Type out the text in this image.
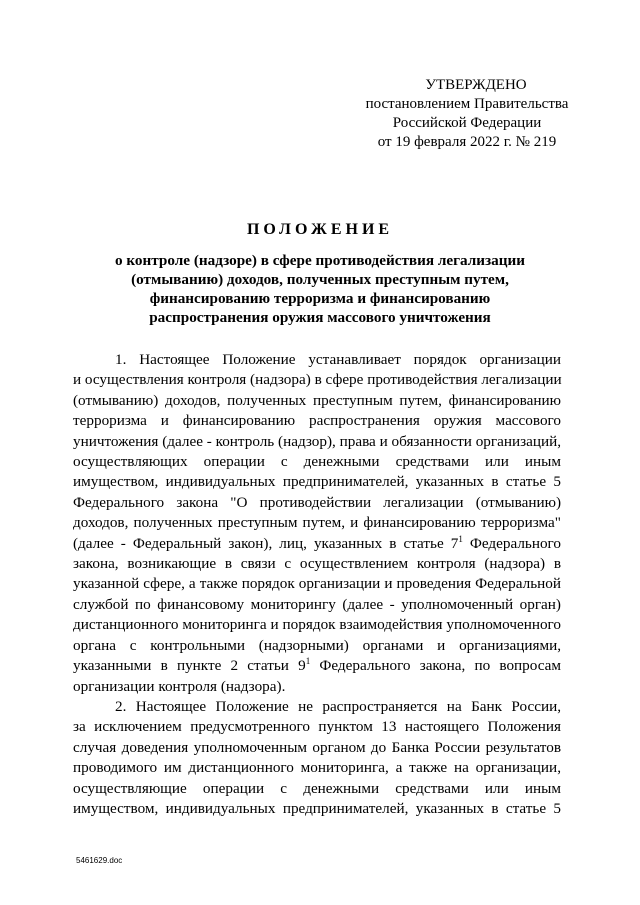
УТВЕРЖДЕНО
постановлением Правительства
Российской Федерации
от 19 февраля 2022 г. № 219
ПОЛОЖЕНИЕ
о контроле (надзоре) в сфере противодействия легализации
(отмыванию) доходов, полученных преступным путем,
финансированию терроризма и финансированию
распространения оружия массового уничтожения
1. Настоящее Положение устанавливает порядок организации
и осуществления контроля (надзора) в сфере противодействия легализации
(отмыванию) доходов, полученных преступным путем, финансированию
терроризма и финансированию распространения оружия массового
уничтожения (далее - контроль (надзор), права и обязанности организаций,
осуществляющих операции с денежными средствами или иным
имуществом, индивидуальных предпринимателей, указанных в статье 5
Федерального закона "О противодействии легализации (отмыванию)
доходов, полученных преступным путем, и финансированию терроризма"
(далее - Федеральный закон), лиц, указанных в статье $7^1$ Федерального
закона, возникающие в связи с осуществлением контроля (надзора) в
указанной сфере, а также порядок организации и проведения Федеральной
службой по финансовому мониторингу (далее - уполномоченный орган)
дистанционного мониторинга и порядок взаимодействия уполномоченного
органа с контрольными (надзорными) органами и организациями,
указанными в пункте 2 статьи $9^1$ Федерального закона, по вопросам
организации контроля (надзора).
2. Настоящее Положение не распространяется на Банк России,
за исключением предусмотренного пунктом 13 настоящего Положения
случая доведения уполномоченным органом до Банка России результатов
проводимого им дистанционного мониторинга, а также на организации,
осуществляющие операции с денежными средствами или иным
имуществом, индивидуальных предпринимателей, указанных в статье 5
5461629.doc
